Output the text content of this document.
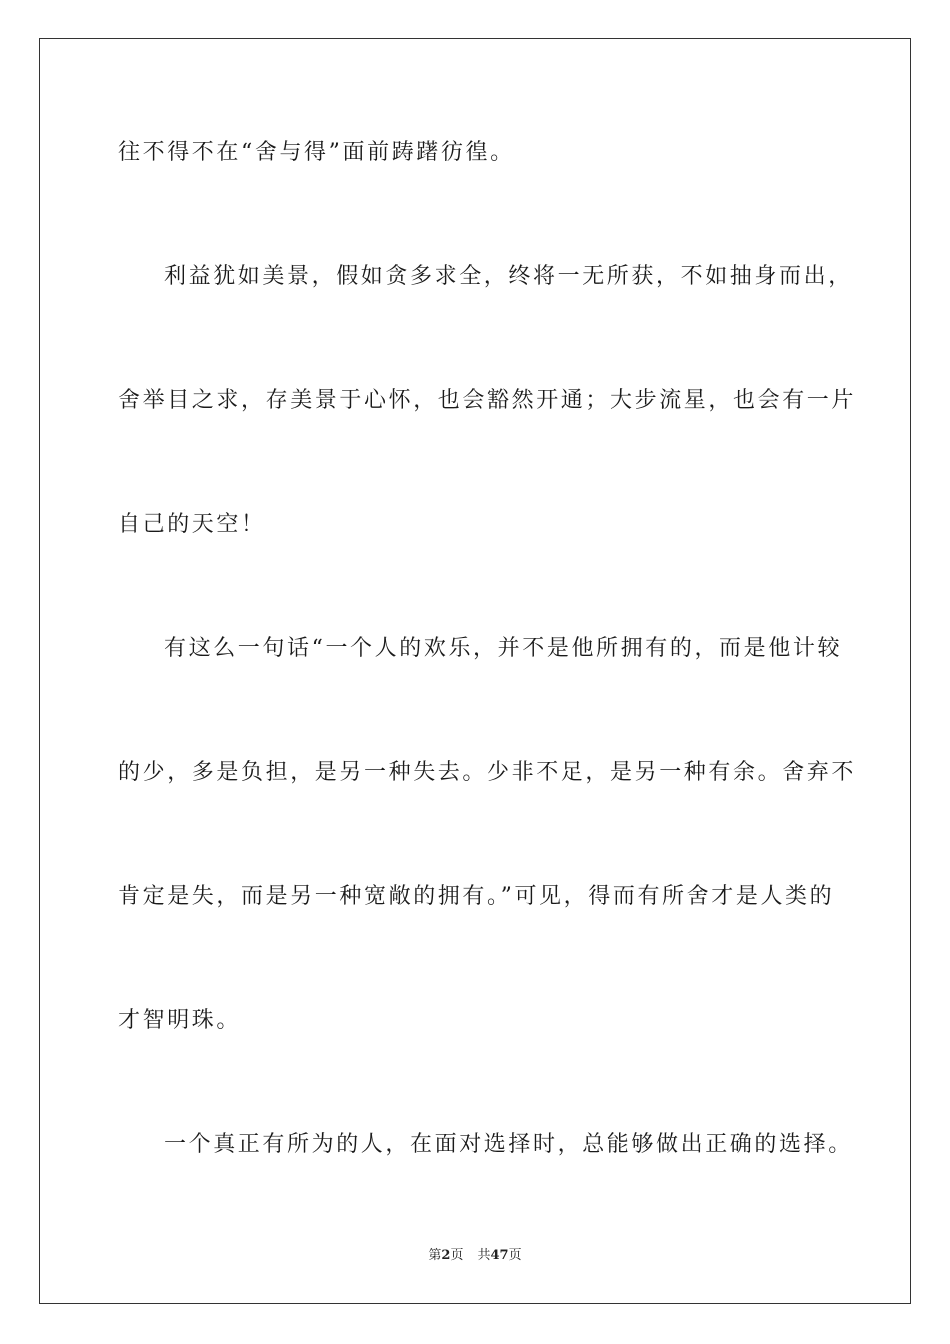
往不得不在“舍与得”面前踌躇彷徨。
利益犹如美景，假如贪多求全，终将一无所获，不如抽身而出，
舍举目之求，存美景于心怀，也会豁然开通；大步流星，也会有一片
自己的天空！
有这么一句话“一个人的欢乐，并不是他所拥有的，而是他计较
的少，多是负担，是另一种失去。少非不足，是另一种有余。舍弃不
肯定是失，而是另一种宽敞的拥有。”可见，得而有所舍才是人类的
才智明珠。
一个真正有所为的人，在面对选择时，总能够做出正确的选择。
第2页 共47页
